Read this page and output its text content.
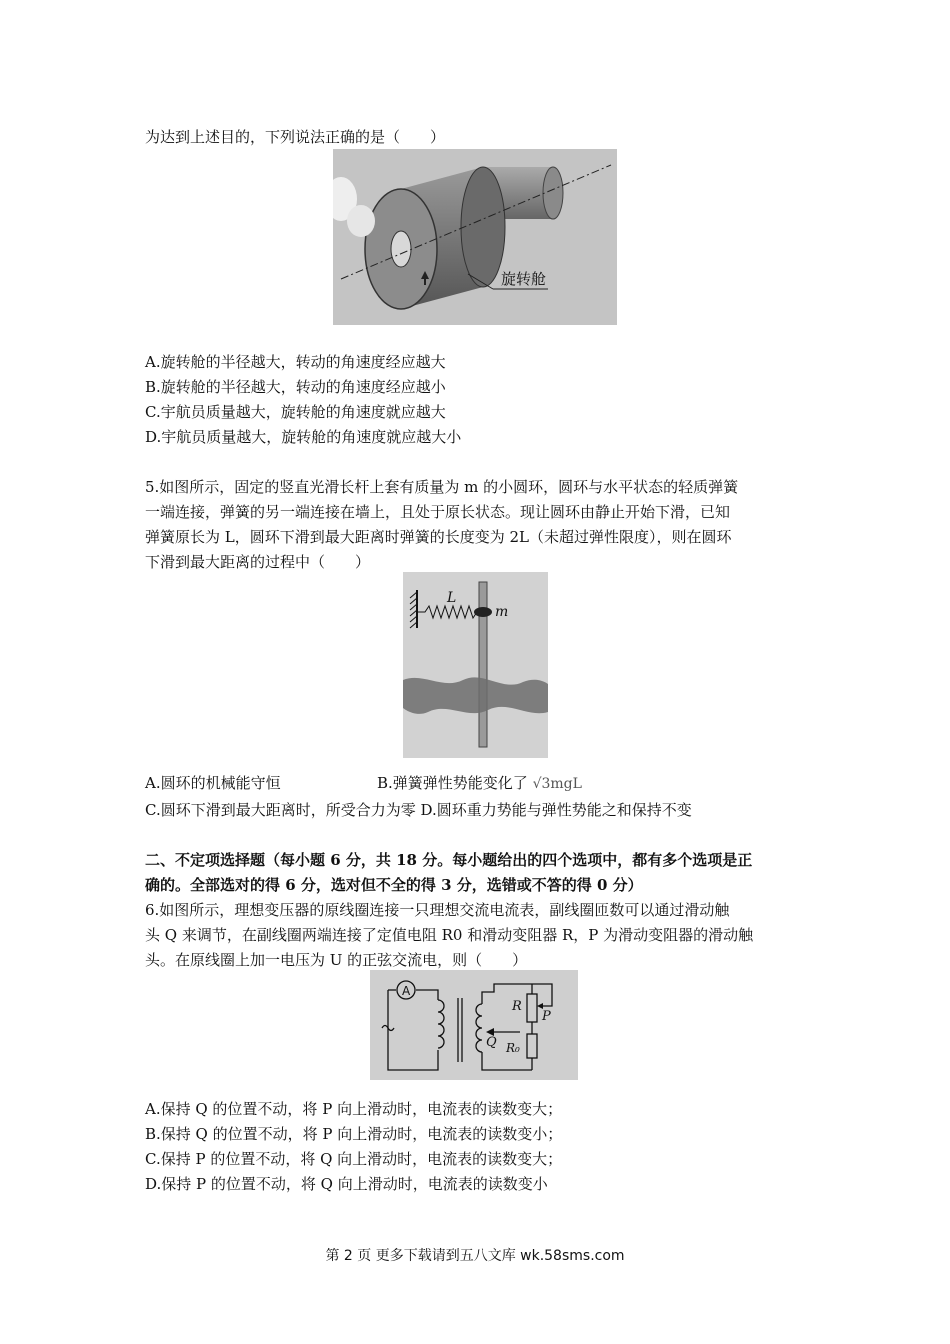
为达到上述目的，下列说法正确的是（　　）
旋转舱
A.旋转舱的半径越大，转动的角速度经应越大
B.旋转舱的半径越大，转动的角速度经应越小
C.宇航员质量越大，旋转舱的角速度就应越大
D.宇航员质量越大，旋转舱的角速度就应越大小
5.如图所示，固定的竖直光滑长杆上套有质量为 m 的小圆环，圆环与水平状态的轻质弹簧
一端连接，弹簧的另一端连接在墙上，且处于原长状态。现让圆环由静止开始下滑，已知
弹簧原长为 L，圆环下滑到最大距离时弹簧的长度变为 2L（未超过弹性限度），则在圆环
下滑到最大距离的过程中（　　）
L
m
A.圆环的机械能守恒	B.弹簧弹性势能变化了 √3mgL
C.圆环下滑到最大距离时，所受合力为零 D.圆环重力势能与弹性势能之和保持不变
二、不定项选择题（每小题 6 分，共 18 分。每小题给出的四个选项中，都有多个选项是正
确的。全部选对的得 6 分，选对但不全的得 3 分，选错或不答的得 0 分）
6.如图所示，理想变压器的原线圈连接一只理想交流电流表，副线圈匝数可以通过滑动触
头 Q 来调节，在副线圈两端连接了定值电阻 R0 和滑动变阻器 R，P 为滑动变阻器的滑动触
头。在原线圈上加一电压为 U 的正弦交流电，则（　　）
A
Q
R
P
R₀
A.保持 Q 的位置不动，将 P 向上滑动时，电流表的读数变大；
B.保持 Q 的位置不动，将 P 向上滑动时，电流表的读数变小；
C.保持 P 的位置不动，将 Q 向上滑动时，电流表的读数变大；
D.保持 P 的位置不动，将 Q 向上滑动时，电流表的读数变小
第 2 页 更多下载请到五八文库 wk.58sms.com
